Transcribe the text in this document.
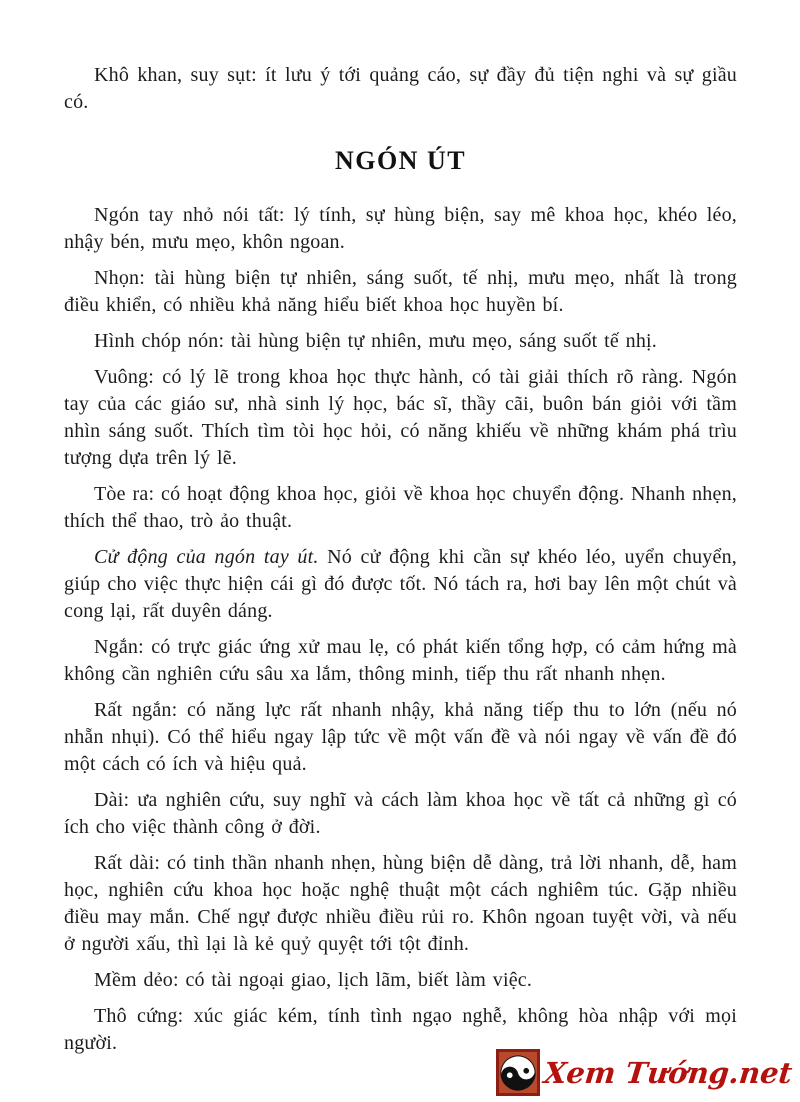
Khô khan, suy sụt: ít lưu ý tới quảng cáo, sự đầy đủ tiện nghi và sự giầu có.

NGÓN ÚT

Ngón tay nhỏ nói tất: lý tính, sự hùng biện, say mê khoa học, khéo léo, nhậy bén, mưu mẹo, khôn ngoan.

Nhọn: tài hùng biện tự nhiên, sáng suốt, tế nhị, mưu mẹo, nhất là trong điều khiển, có nhiều khả năng hiểu biết khoa học huyền bí.

Hình chóp nón: tài hùng biện tự nhiên, mưu mẹo, sáng suốt tế nhị.

Vuông: có lý lẽ trong khoa học thực hành, có tài giải thích rõ ràng. Ngón tay của các giáo sư, nhà sinh lý học, bác sĩ, thầy cãi, buôn bán giỏi với tầm nhìn sáng suốt. Thích tìm tòi học hỏi, có năng khiếu về những khám phá trìu tượng dựa trên lý lẽ.

Tòe ra: có hoạt động khoa học, giỏi về khoa học chuyển động. Nhanh nhẹn, thích thể thao, trò ảo thuật.

Cử động của ngón tay út. Nó cử động khi cần sự khéo léo, uyển chuyển, giúp cho việc thực hiện cái gì đó được tốt. Nó tách ra, hơi bay lên một chút và cong lại, rất duyên dáng.

Ngắn: có trực giác ứng xử mau lẹ, có phát kiến tổng hợp, có cảm hứng mà không cần nghiên cứu sâu xa lắm, thông minh, tiếp thu rất nhanh nhẹn.

Rất ngắn: có năng lực rất nhanh nhậy, khả năng tiếp thu to lớn (nếu nó nhẵn nhụi). Có thể hiểu ngay lập tức về một vấn đề và nói ngay về vấn đề đó một cách có ích và hiệu quả.

Dài: ưa nghiên cứu, suy nghĩ và cách làm khoa học về tất cả những gì có ích cho việc thành công ở đời.

Rất dài: có tinh thần nhanh nhẹn, hùng biện dễ dàng, trả lời nhanh, dễ, ham học, nghiên cứu khoa học hoặc nghệ thuật một cách nghiêm túc. Gặp nhiều điều may mắn. Chế ngự được nhiều điều rủi ro. Khôn ngoan tuyệt vời, và nếu ở người xấu, thì lại là kẻ quỷ quyệt tới tột đỉnh.

Mềm dẻo: có tài ngoại giao, lịch lãm, biết làm việc.

Thô cứng: xúc giác kém, tính tình ngạo nghễ, không hòa nhập với mọi người.

Xem Tướng.net
